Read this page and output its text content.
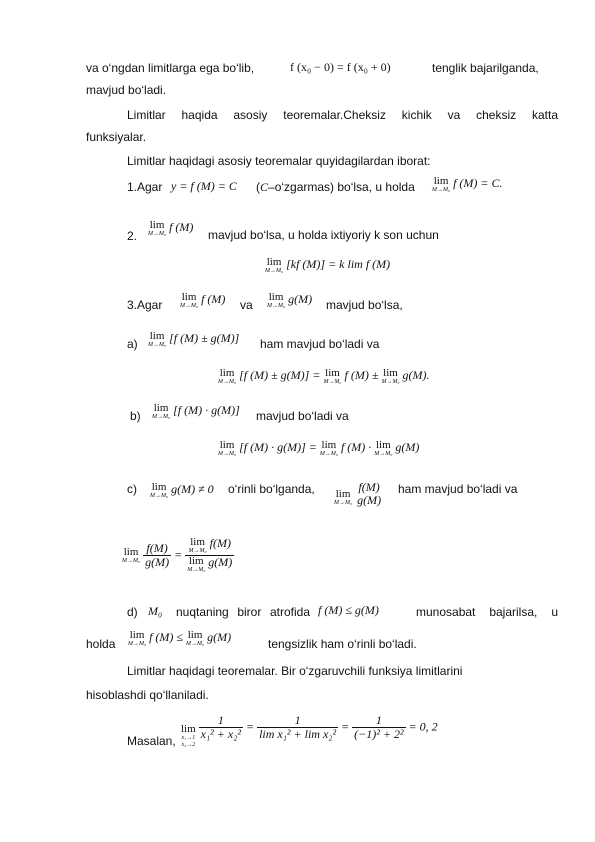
va o‘ngdan limitlarga ega bo‘lib,	f (x₀ − 0) = f (x₀ + 0)	tenglik bajarilganda,
mavjud bo‘ladi.
Limitlar haqida asosiy teoremalar.Cheksiz kichik va cheksiz katta
funksiyalar.
Limitlar haqidagi asosiy teoremalar quyidagilardan iborat:
1.Agar y = f (M) = C (C–o‘zgarmas) bo‘lsa, u holda lim
M→M₀ f (M) = C.
2.
lim
M→M₀ f (M)
mavjud bo‘lsa, u holda ixtiyoriy k son uchun
lim
M→M₀ [kf (M)] = k lim f (M)
3.Agar
lim
M→M₀ f (M) va
lim
M→M₀ g(M) mavjud bo‘lsa,
a)
lim
M→M₀ [f (M) ± g(M)] ham mavjud bo‘ladi va
lim
M→M₀ [f (M) ± g(M)] = lim
M→M₀ f (M) ± lim
M→M₀ g(M).
b)
lim
M→M₀ [f (M) · g(M)] mavjud bo‘ladi va
lim
M→M₀ [f (M) · g(M)] = lim
M→M₀ f (M) · lim
M→M₀ g(M)
c) lim
M→M₀ g(M) ≠ 0 o‘rinli bo‘lganda, lim
M→M₀

f(M)
g(M)
ham mavjud bo‘ladi va
lim
M→M₀
$\frac{f(M)}{g(M)} = \lim$
M→M₀
f(M)
lim
M→M₀
g(M)
d) M₀ nuqtaning biror atrofida f (M) ≤ g(M)	munosabat bajarilsa, u
holda
lim
M→M₀ f (M) ≤ lim
M→M₀ g(M)	tengsizlik ham o‘rinli bo‘ladi.
Limitlar haqidagi teoremalar. Bir o‘zgaruvchili funksiya limitlarini
hisoblashdi qo‘llaniladi.
Masalan,
lim
x₁→1
x₂→2

$\frac{1}{\text{x₁² + x₂²}} = \frac{1}{\text{lim x₁² + lim x₂²}} = \frac{1}{\text{(−1)² + 2²}} = 0$, 2
